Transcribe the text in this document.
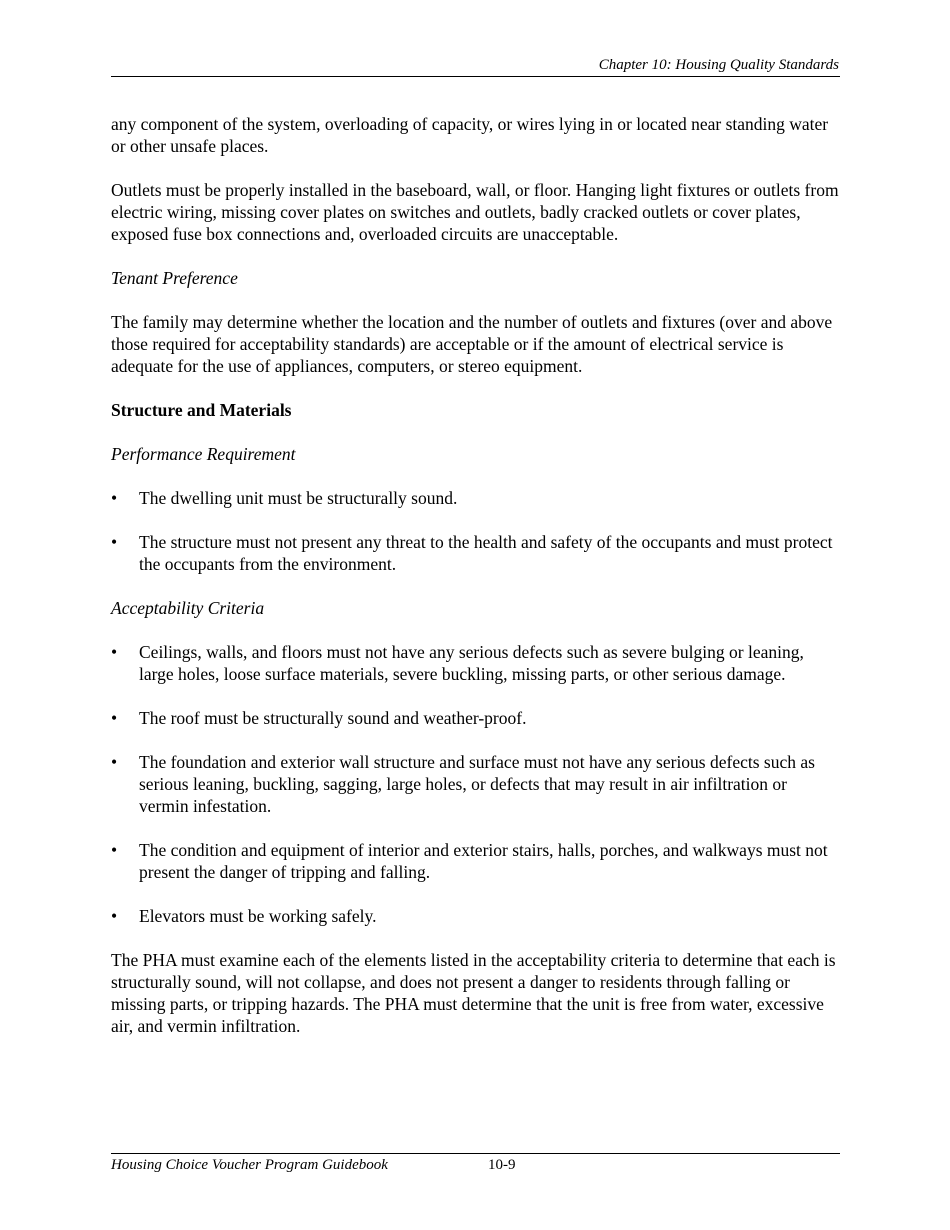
Chapter 10: Housing Quality Standards

any component of the system, overloading of capacity, or wires lying in or located near standing water or other unsafe places.

Outlets must be properly installed in the baseboard, wall, or floor. Hanging light fixtures or outlets from electric wiring, missing cover plates on switches and outlets, badly cracked outlets or cover plates, exposed fuse box connections and, overloaded circuits are unacceptable.

Tenant Preference

The family may determine whether the location and the number of outlets and fixtures (over and above those required for acceptability standards) are acceptable or if the amount of electrical service is adequate for the use of appliances, computers, or stereo equipment.

Structure and Materials

Performance Requirement

•	The dwelling unit must be structurally sound.
•	The structure must not present any threat to the health and safety of the occupants and must protect the occupants from the environment.

Acceptability Criteria

•	Ceilings, walls, and floors must not have any serious defects such as severe bulging or leaning, large holes, loose surface materials, severe buckling, missing parts, or other serious damage.
•	The roof must be structurally sound and weather-proof.
•	The foundation and exterior wall structure and surface must not have any serious defects such as serious leaning, buckling, sagging, large holes, or defects that may result in air infiltration or vermin infestation.
•	The condition and equipment of interior and exterior stairs, halls, porches, and walkways must not present the danger of tripping and falling.
•	Elevators must be working safely.

The PHA must examine each of the elements listed in the acceptability criteria to determine that each is structurally sound, will not collapse, and does not present a danger to residents through falling or missing parts, or tripping hazards. The PHA must determine that the unit is free from water, excessive air, and vermin infiltration.

Housing Choice Voucher Program Guidebook	10-9
